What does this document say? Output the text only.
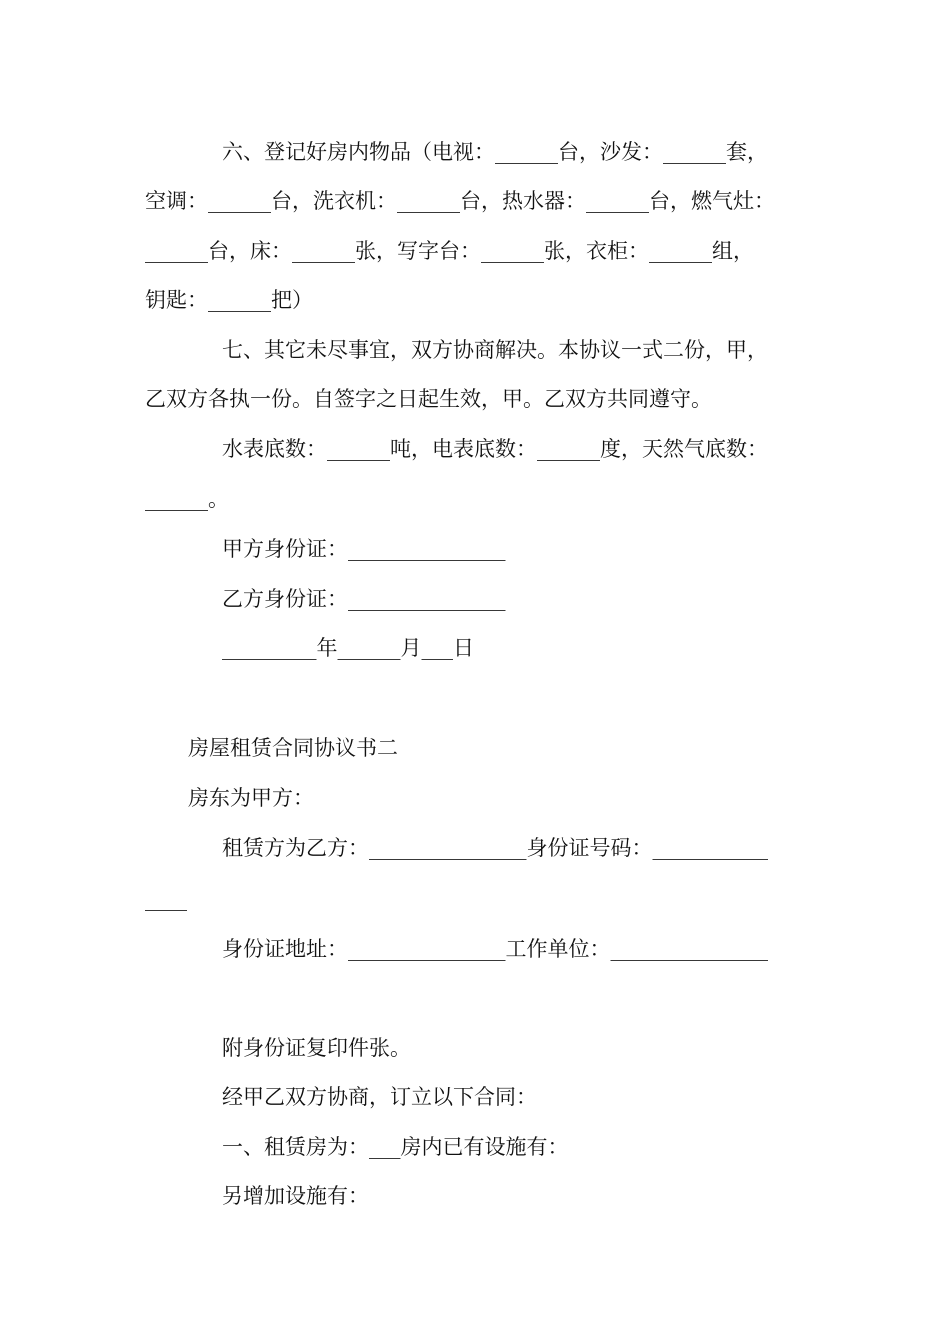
六、登记好房内物品（电视：______台，沙发：______套，
空调：______台，洗衣机：______台，热水器：______台，燃气灶：
______台，床：______张，写字台：______张，衣柜：______组，
钥匙：______把）
七、其它未尽事宜，双方协商解决。本协议一式二份，甲，
乙双方各执一份。自签字之日起生效，甲。乙双方共同遵守。
水表底数：______吨，电表底数：______度，天然气底数：
______。
甲方身份证：_______________
乙方身份证：_______________
_________年______月___日
房屋租赁合同协议书二
房东为甲方：
租赁方为乙方：_______________身份证号码：___________
____
身份证地址：_______________工作单位：_______________
附身份证复印件张。
经甲乙双方协商，订立以下合同：
一、租赁房为：___房内已有设施有：
另增加设施有：
